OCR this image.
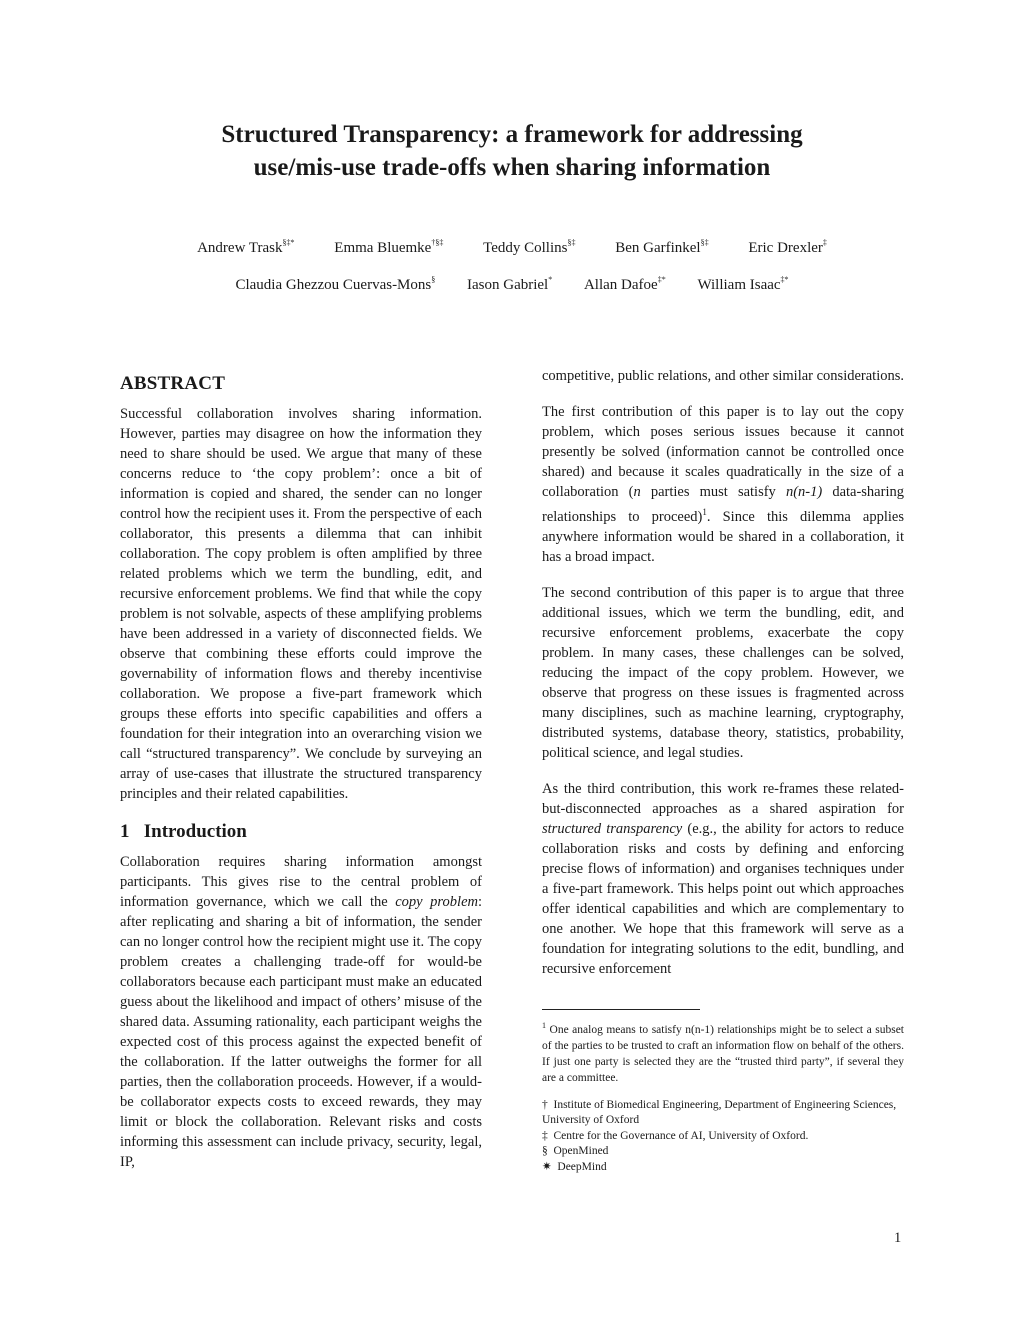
Structured Transparency: a framework for addressing
use/mis-use trade-offs when sharing information
Andrew Trask§‡*	Emma Bluemke†§‡	Teddy Collins§‡	Ben Garfinkel§‡	Eric Drexler‡
Claudia Ghezzou Cuervas-Mons§ Iason Gabriel* Allan Dafoe‡* William Isaac‡*
ABSTRACT

Successful collaboration involves sharing information. However, parties may disagree on how the information they need to share should be used. We argue that many of these concerns reduce to ‘the copy problem’: once a bit of information is copied and shared, the sender can no longer control how the recipient uses it. From the perspective of each collaborator, this presents a dilemma that can inhibit collaboration. The copy problem is often amplified by three related problems which we term the bundling, edit, and recursive enforcement problems. We find that while the copy problem is not solvable, aspects of these amplifying problems have been addressed in a variety of disconnected fields. We observe that combining these efforts could improve the governability of information flows and thereby incentivise collaboration. We propose a five-part framework which groups these efforts into specific capabilities and offers a foundation for their integration into an overarching vision we call “structured transparency”. We conclude by surveying an array of use-cases that illustrate the structured transparency principles and their related capabilities.

1 Introduction

Collaboration requires sharing information amongst participants. This gives rise to the central problem of information governance, which we call the copy problem: after replicating and sharing a bit of information, the sender can no longer control how the recipient might use it. The copy problem creates a challenging trade-off for would-be collaborators because each participant must make an educated guess about the likelihood and impact of others’ misuse of the shared data. Assuming rationality, each participant weighs the expected cost of this process against the expected benefit of the collaboration. If the latter outweighs the former for all parties, then the collaboration proceeds. However, if a would-be collaborator expects costs to exceed rewards, they may limit or block the collaboration. Relevant risks and costs informing this assessment can include privacy, security, legal, IP,

competitive, public relations, and other similar considerations.

The first contribution of this paper is to lay out the copy problem, which poses serious issues because it cannot presently be solved (information cannot be controlled once shared) and because it scales quadratically in the size of a collaboration (n parties must satisfy n(n-1) data-sharing relationships to proceed)$^1$. Since this dilemma applies anywhere information would be shared in a collaboration, it has a broad impact.

The second contribution of this paper is to argue that three additional issues, which we term the bundling, edit, and recursive enforcement problems, exacerbate the copy problem. In many cases, these challenges can be solved, reducing the impact of the copy problem. However, we observe that progress on these issues is fragmented across many disciplines, such as machine learning, cryptography, distributed systems, database theory, statistics, probability, political science, and legal studies.

As the third contribution, this work re-frames these related-but-disconnected approaches as a shared aspiration for structured transparency (e.g., the ability for actors to reduce collaboration risks and costs by defining and enforcing precise flows of information) and organises techniques under a five-part framework. This helps point out which approaches offer identical capabilities and which are complementary to one another. We hope that this framework will serve as a foundation for integrating solutions to the edit, bundling, and recursive enforcement

$^1$ One analog means to satisfy n(n-1) relationships might be to select a subset of the parties to be trusted to craft an information flow on behalf of the others. If just one party is selected they are the “trusted third party”, if several they are a committee.
† Institute of Biomedical Engineering, Department of Engineering Sciences, University of Oxford
‡ Centre for the Governance of AI, University of Oxford.
§ OpenMined
✷ DeepMind
1
